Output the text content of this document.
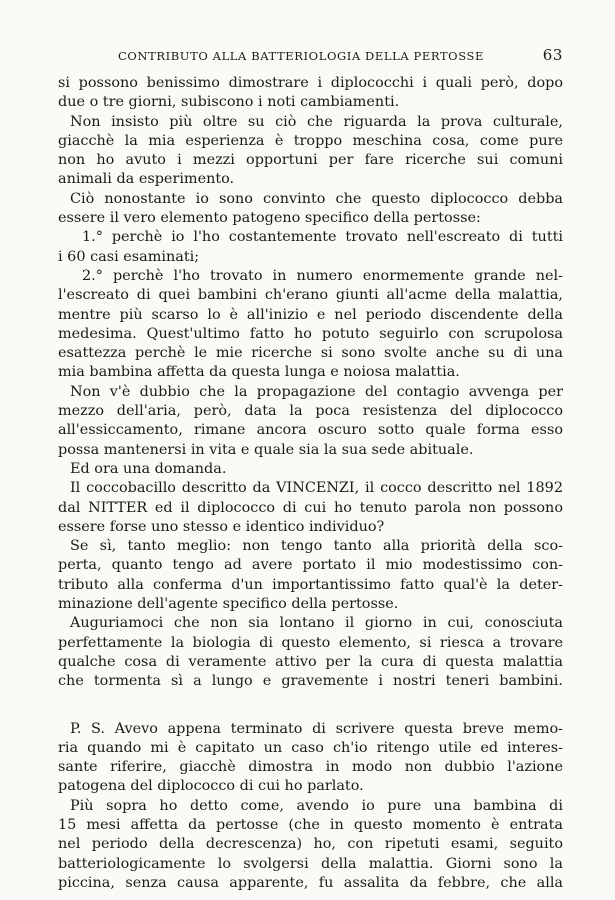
CONTRIBUTO ALLA BATTERIOLOGIA DELLA PERTOSSE	63
si possono benissimo dimostrare i diplococchi i quali però, dopo
due o tre giorni, subiscono i noti cambiamenti.
Non insisto più oltre su ciò che riguarda la prova culturale,
giacchè la mia esperienza è troppo meschina cosa, come pure
non ho avuto i mezzi opportuni per fare ricerche sui comuni
animali da esperimento.
Ciò nonostante io sono convinto che questo diplococco debba
essere il vero elemento patogeno specifico della pertosse:
1.° perchè io l'ho costantemente trovato nell'escreato di tutti
i 60 casi esaminati;
2.° perchè l'ho trovato in numero enormemente grande nel-
l'escreato di quei bambini ch'erano giunti all'acme della malattia,
mentre più scarso lo è all'inizio e nel periodo discendente della
medesima. Quest'ultimo fatto ho potuto seguirlo con scrupolosa
esattezza perchè le mie ricerche si sono svolte anche su di una
mia bambina affetta da questa lunga e noiosa malattia.
Non v'è dubbio che la propagazione del contagio avvenga per
mezzo dell'aria, però, data la poca resistenza del diplococco
all'essiccamento, rimane ancora oscuro sotto quale forma esso
possa mantenersi in vita e quale sia la sua sede abituale.
Ed ora una domanda.
Il coccobacillo descritto da VINCENZI, il cocco descritto nel 1892
dal NITTER ed il diplococco di cui ho tenuto parola non possono
essere forse uno stesso e identico individuo?
Se sì, tanto meglio: non tengo tanto alla priorità della sco-
perta, quanto tengo ad avere portato il mio modestissimo con-
tributo alla conferma d'un importantissimo fatto qual'è la deter-
minazione dell'agente specifico della pertosse.
Auguriamoci che non sia lontano il giorno in cui, conosciuta
perfettamente la biologia di questo elemento, si riesca a trovare
qualche cosa di veramente attivo per la cura di questa malattia
che tormenta sì a lungo e gravemente i nostri teneri bambini.
P. S. Avevo appena terminato di scrivere questa breve memo-
ria quando mi è capitato un caso ch'io ritengo utile ed interes-
sante riferire, giacchè dimostra in modo non dubbio l'azione
patogena del diplococco di cui ho parlato.
Più sopra ho detto come, avendo io pure una bambina di
15 mesi affetta da pertosse (che in questo momento è entrata
nel periodo della decrescenza) ho, con ripetuti esami, seguito
batteriologicamente lo svolgersi della malattia. Giorni sono la
piccina, senza causa apparente, fu assalita da febbre, che alla
